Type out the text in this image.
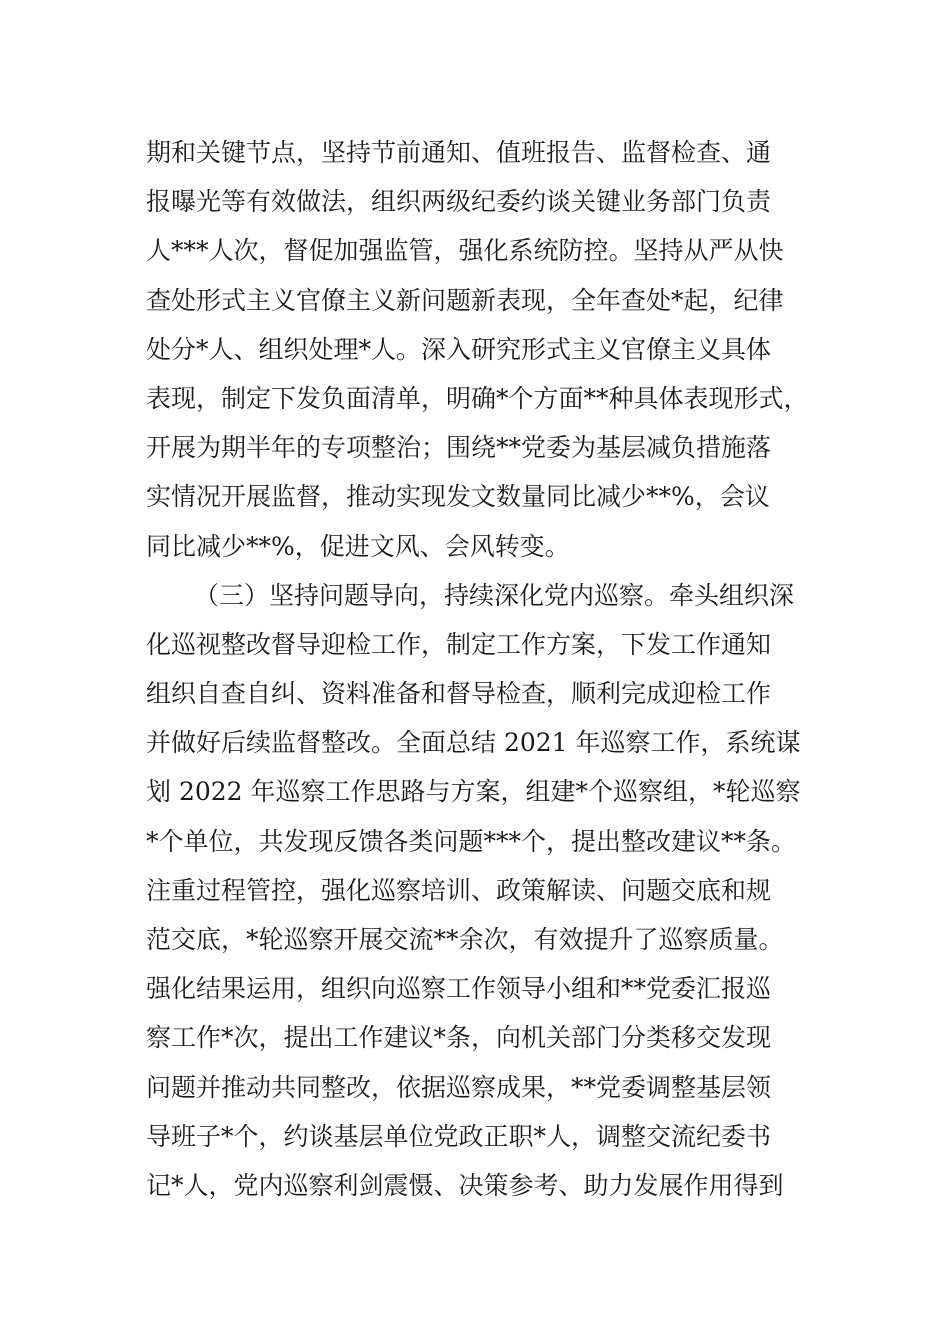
期和关键节点，坚持节前通知、值班报告、监督检查、通
报曝光等有效做法，组织两级纪委约谈关键业务部门负责
人***人次，督促加强监管，强化系统防控。坚持从严从快
查处形式主义官僚主义新问题新表现，全年查处*起，纪律
处分*人、组织处理*人。深入研究形式主义官僚主义具体
表现，制定下发负面清单，明确*个方面**种具体表现形式，
开展为期半年的专项整治；围绕**党委为基层减负措施落
实情况开展监督，推动实现发文数量同比减少**%，会议
同比减少**%，促进文风、会风转变。
（三）坚持问题导向，持续深化党内巡察。牵头组织深
化巡视整改督导迎检工作，制定工作方案，下发工作通知
组织自查自纠、资料准备和督导检查，顺利完成迎检工作
并做好后续监督整改。全面总结 2021 年巡察工作，系统谋
划 2022 年巡察工作思路与方案，组建*个巡察组，*轮巡察
*个单位，共发现反馈各类问题***个，提出整改建议**条。
注重过程管控，强化巡察培训、政策解读、问题交底和规
范交底，*轮巡察开展交流**余次，有效提升了巡察质量。
强化结果运用，组织向巡察工作领导小组和**党委汇报巡
察工作*次，提出工作建议*条，向机关部门分类移交发现
问题并推动共同整改，依据巡察成果，**党委调整基层领
导班子*个，约谈基层单位党政正职*人，调整交流纪委书
记*人，党内巡察利剑震慑、决策参考、助力发展作用得到
